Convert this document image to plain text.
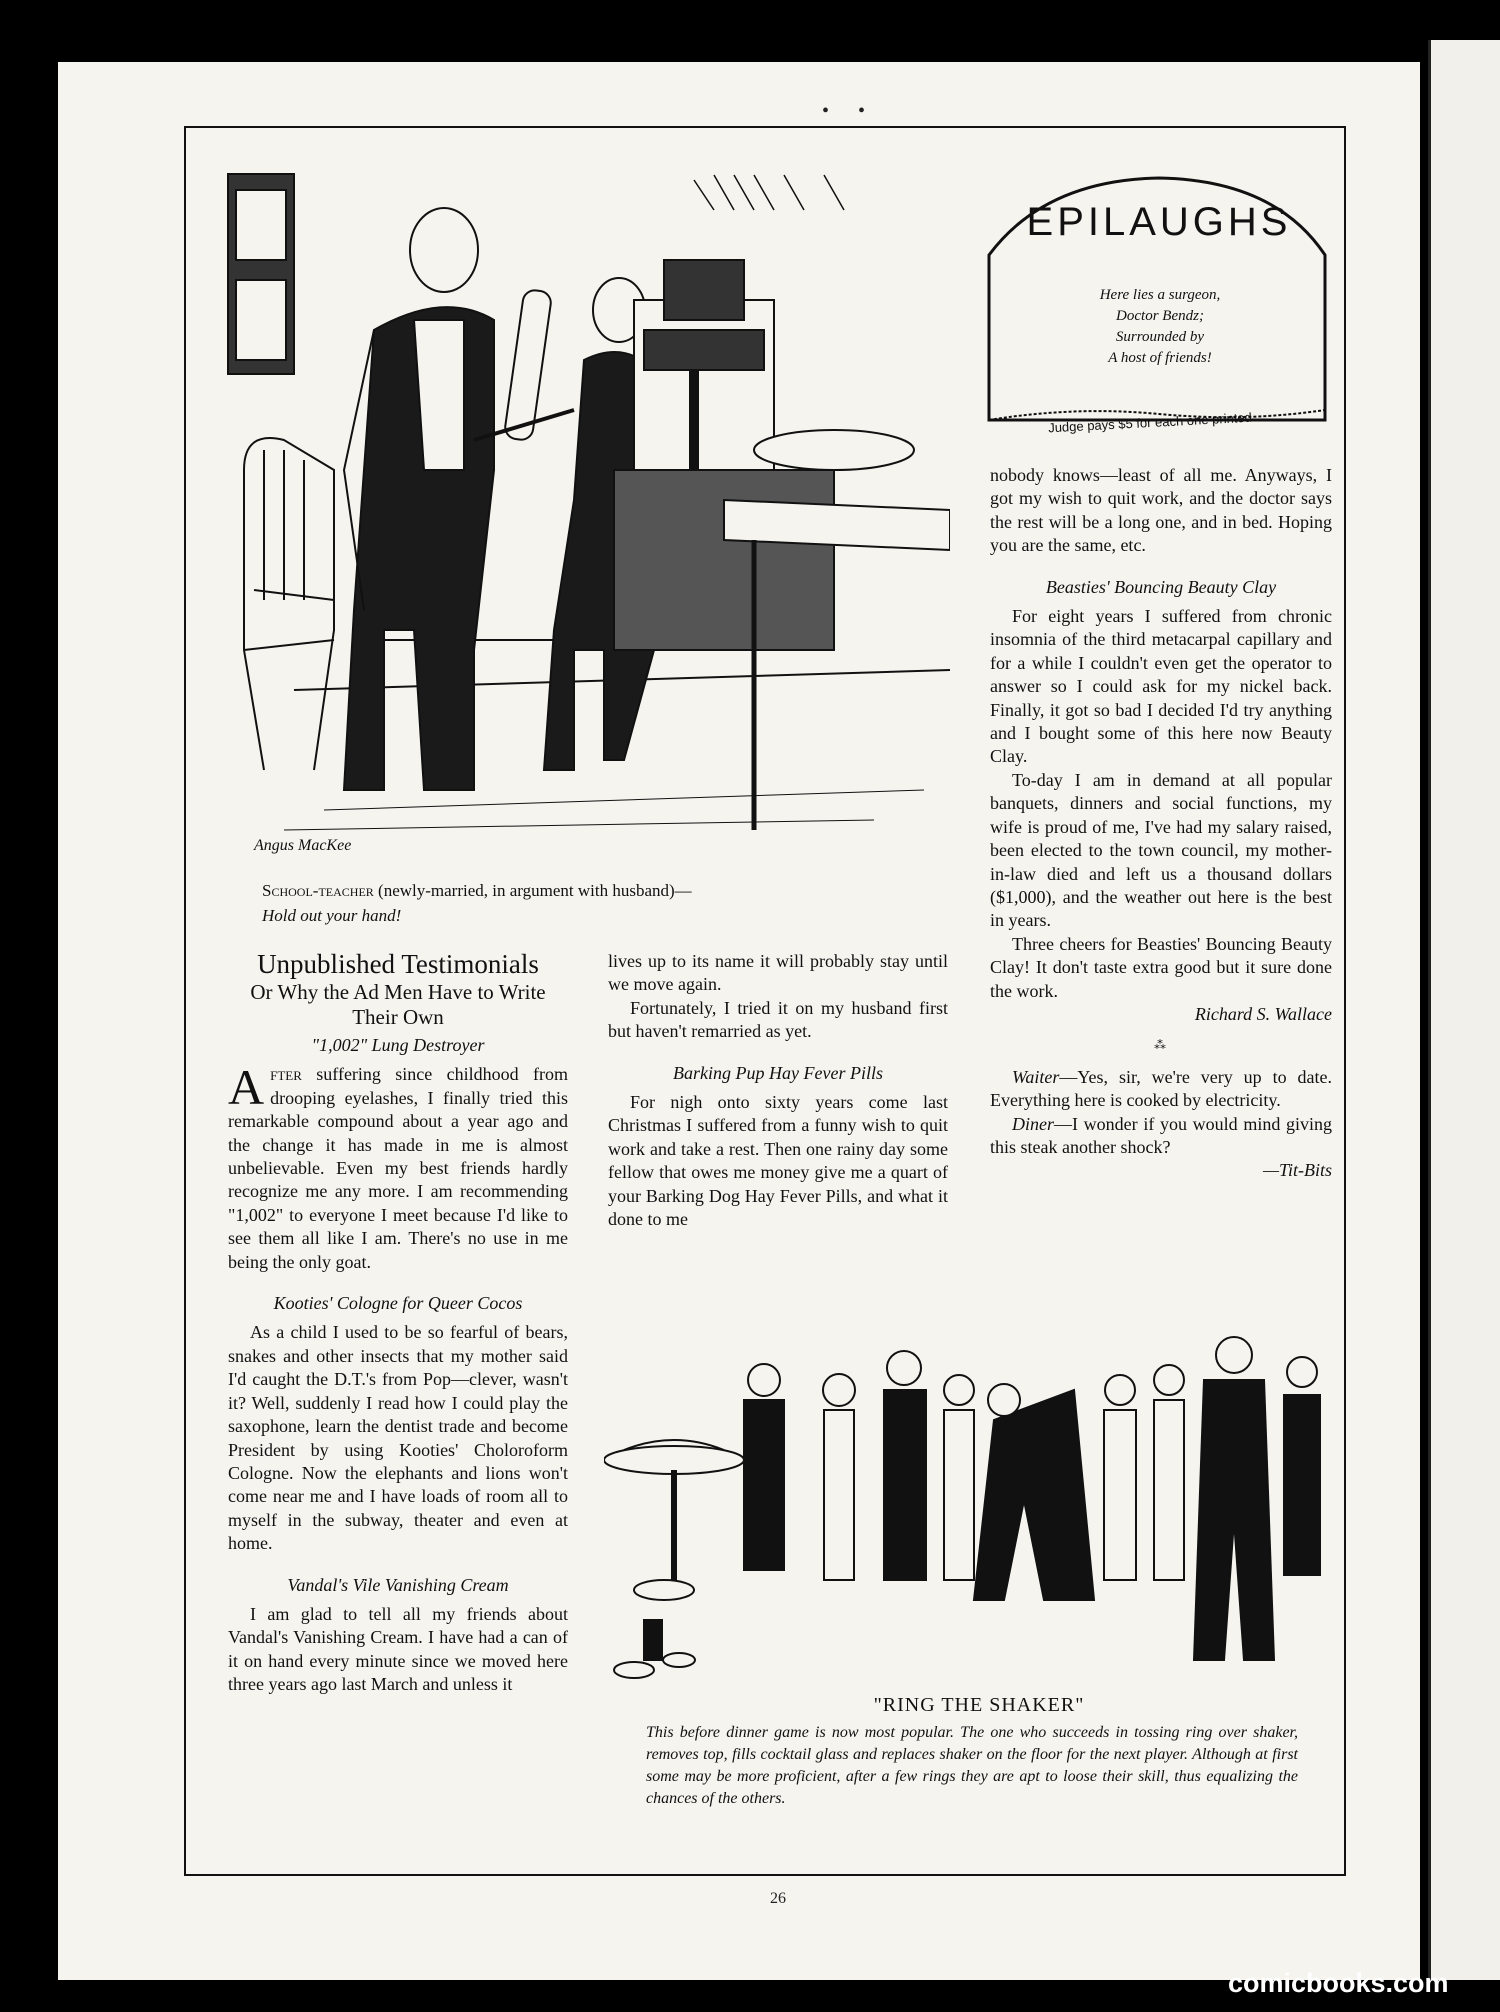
• •
Angus MacKee
School-teacher (newly-married, in argument with husband)—
Hold out your hand!
EPILAUGHS
Here lies a surgeon,
Doctor Bendz;
Surrounded by
A host of friends!
Judge pays $5 for each one printed
Unpublished Testimonials
Or Why the Ad Men Have to Write Their Own

"1,002" Lung Destroyer

After suffering since childhood from drooping eyelashes, I finally tried this remarkable compound about a year ago and the change it has made in me is almost unbelievable. Even my best friends hardly recognize me any more. I am recommending "1,002" to everyone I meet because I'd like to see them all like I am. There's no use in me being the only goat.

Kooties' Cologne for Queer Cocos

As a child I used to be so fearful of bears, snakes and other insects that my mother said I'd caught the D.T.'s from Pop—clever, wasn't it? Well, suddenly I read how I could play the saxophone, learn the dentist trade and become President by using Kooties' Choloroform Cologne. Now the elephants and lions won't come near me and I have loads of room all to myself in the subway, theater and even at home.

Vandal's Vile Vanishing Cream

I am glad to tell all my friends about Vandal's Vanishing Cream. I have had a can of it on hand every minute since we moved here three years ago last March and unless it

lives up to its name it will probably stay until we move again.

Fortunately, I tried it on my husband first but haven't remarried as yet.

Barking Pup Hay Fever Pills

For nigh onto sixty years come last Christmas I suffered from a funny wish to quit work and take a rest. Then one rainy day some fellow that owes me money give me a quart of your Barking Dog Hay Fever Pills, and what it done to me

nobody knows—least of all me. Anyways, I got my wish to quit work, and the doctor says the rest will be a long one, and in bed. Hoping you are the same, etc.

Beasties' Bouncing Beauty Clay

For eight years I suffered from chronic insomnia of the third metacarpal capillary and for a while I couldn't even get the operator to answer so I could ask for my nickel back. Finally, it got so bad I decided I'd try anything and I bought some of this here now Beauty Clay.

To-day I am in demand at all popular banquets, dinners and social functions, my wife is proud of me, I've had my salary raised, been elected to the town council, my mother-in-law died and left us a thousand dollars ($1,000), and the weather out here is the best in years.

Three cheers for Beasties' Bouncing Beauty Clay! It don't taste extra good but it sure done the work.

Richard S. Wallace

⁂

Waiter—Yes, sir, we're very up to date. Everything here is cooked by electricity.

Diner—I wonder if you would mind giving this steak another shock?

—Tit-Bits

"RING THE SHAKER"
This before dinner game is now most popular. The one who succeeds in tossing ring over shaker, removes top, fills cocktail glass and replaces shaker on the floor for the next player. Although at first some may be more proficient, after a few rings they are apt to loose their skill, thus equalizing the chances of the others.
26
comicbooks.com
